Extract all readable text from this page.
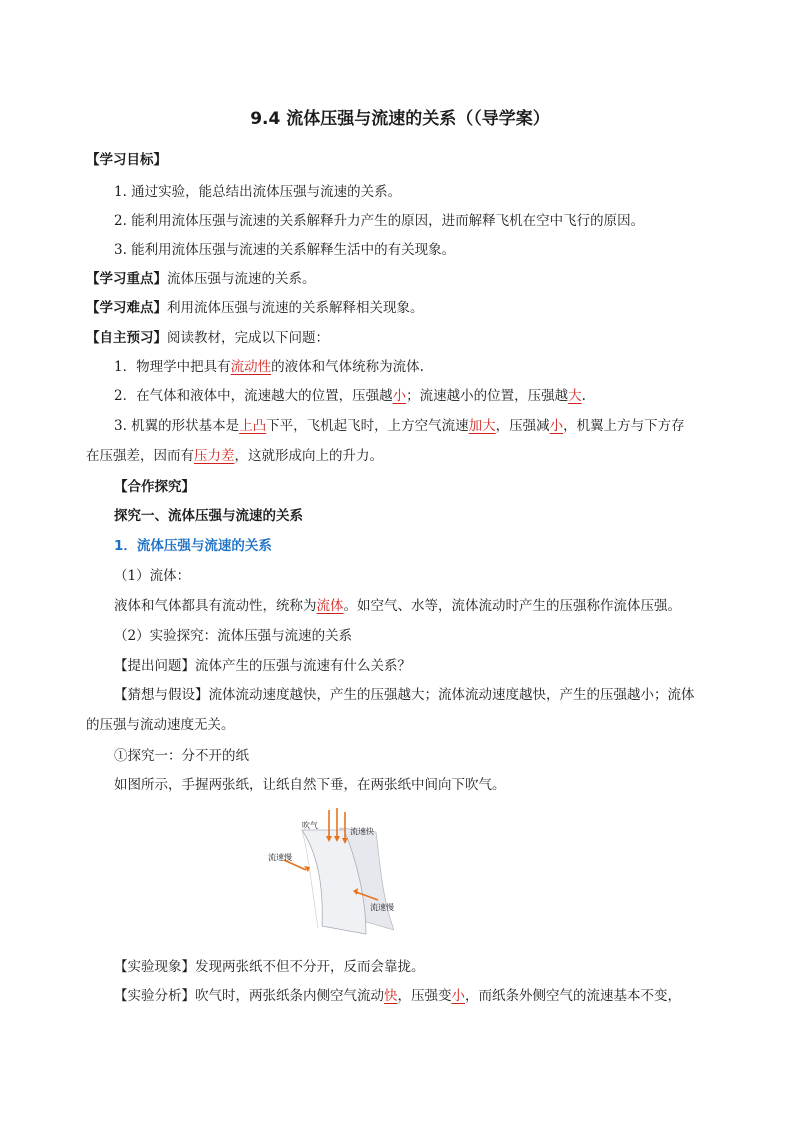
9.4 流体压强与流速的关系（（导学案）
【学习目标】
1. 通过实验，能总结出流体压强与流速的关系。
2. 能利用流体压强与流速的关系解释升力产生的原因，进而解释飞机在空中飞行的原因。
3. 能利用流体压强与流速的关系解释生活中的有关现象。
【学习重点】流体压强与流速的关系。
【学习难点】利用流体压强与流速的关系解释相关现象。
【自主预习】阅读教材，完成以下问题：
1．物理学中把具有流动性的液体和气体统称为流体.
2．在气体和液体中，流速越大的位置，压强越小；流速越小的位置，压强越大.
3. 机翼的形状基本是上凸下平，飞机起飞时，上方空气流速加大，压强减小，机翼上方与下方存
在压强差，因而有压力差，这就形成向上的升力。
【合作探究】
探究一、流体压强与流速的关系
1．流体压强与流速的关系
（1）流体：
液体和气体都具有流动性，统称为流体。如空气、水等，流体流动时产生的压强称作流体压强。
（2）实验探究：流体压强与流速的关系
【提出问题】流体产生的压强与流速有什么关系？
【猜想与假设】流体流动速度越快，产生的压强越大；流体流动速度越快，产生的压强越小；流体
的压强与流动速度无关。
①探究一：分不开的纸
如图所示，手握两张纸，让纸自然下垂，在两张纸中间向下吹气。
吹气
流速快
流速慢
流速慢
【实验现象】发现两张纸不但不分开，反而会靠拢。
【实验分析】吹气时，两张纸条内侧空气流动快，压强变小，而纸条外侧空气的流速基本不变，
